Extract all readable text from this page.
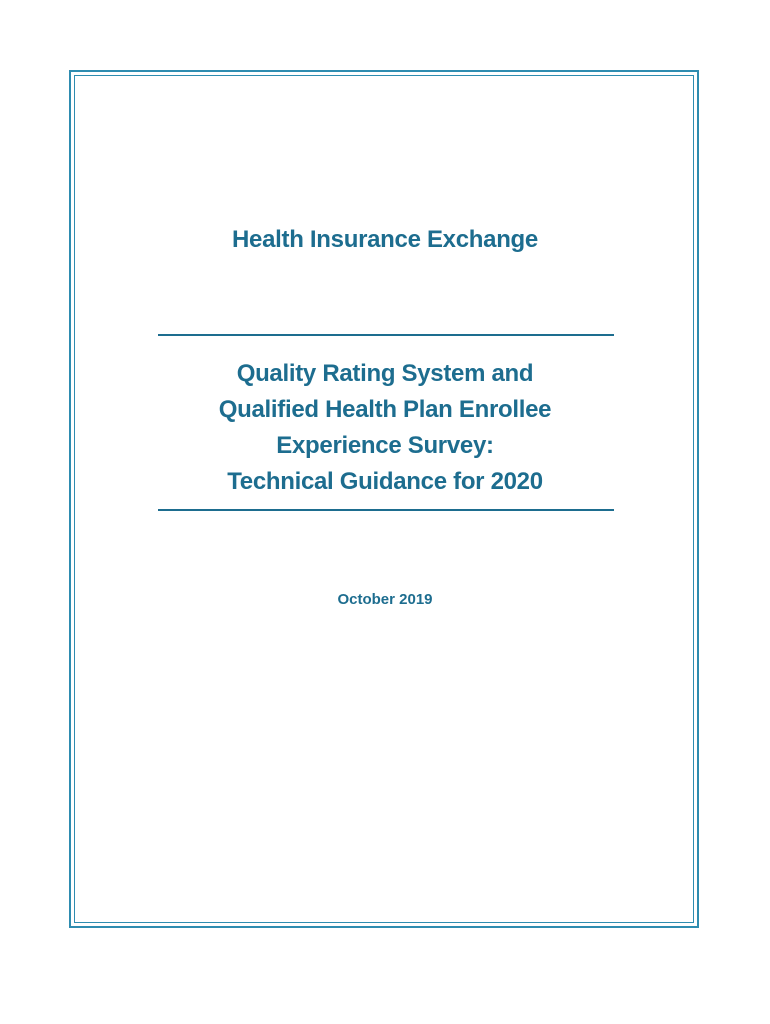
Health Insurance Exchange
Quality Rating System and
Qualified Health Plan Enrollee
Experience Survey:
Technical Guidance for 2020
October 2019
